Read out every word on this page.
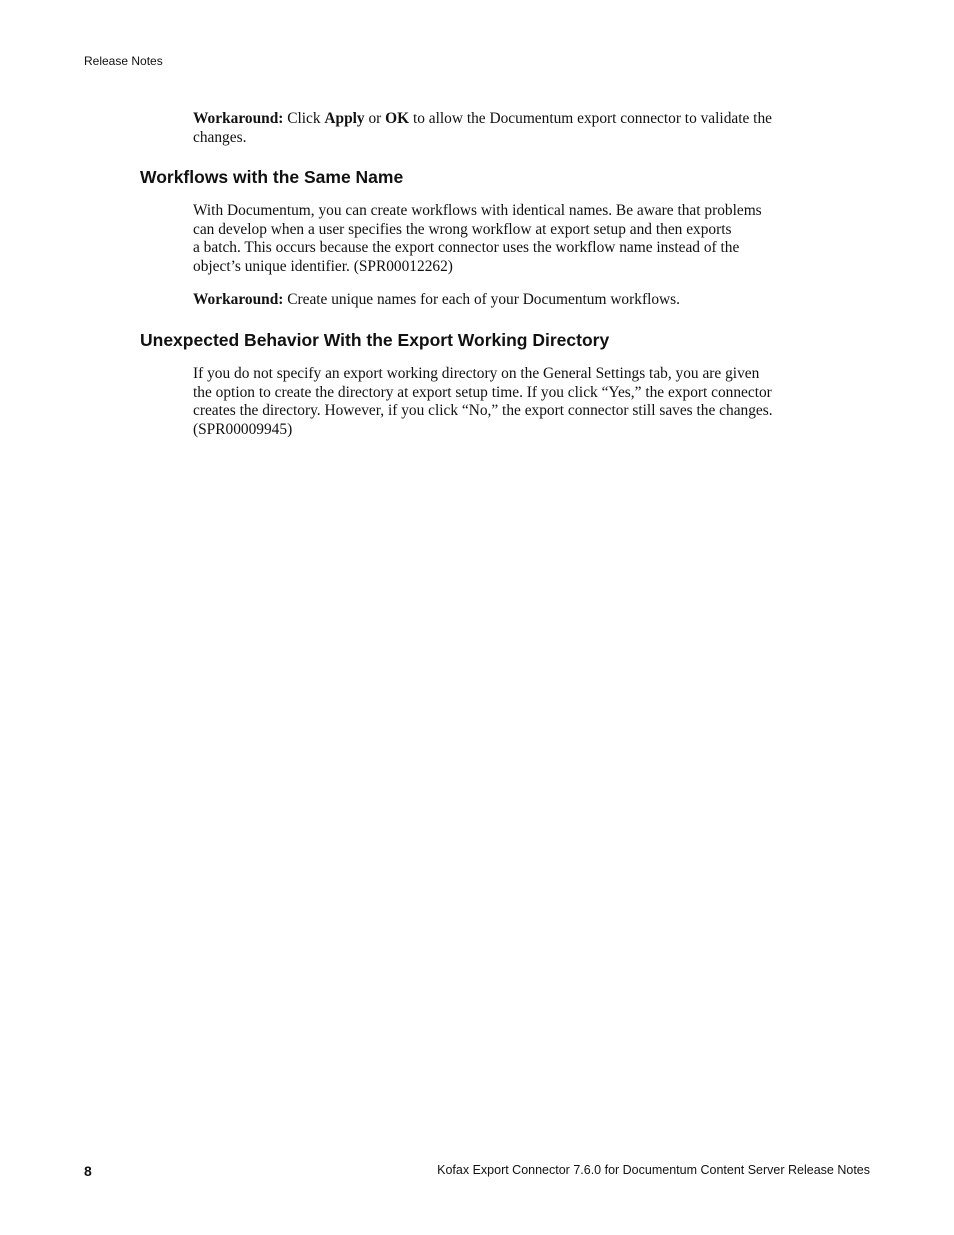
Release Notes
Workaround: Click Apply or OK to allow the Documentum export connector to validate the
changes.
Workflows with the Same Name
With Documentum, you can create workflows with identical names. Be aware that problems
can develop when a user specifies the wrong workflow at export setup and then exports
a batch. This occurs because the export connector uses the workflow name instead of the
object’s unique identifier. (SPR00012262)
Workaround: Create unique names for each of your Documentum workflows.
Unexpected Behavior With the Export Working Directory
If you do not specify an export working directory on the General Settings tab, you are given
the option to create the directory at export setup time. If you click “Yes,” the export connector
creates the directory. However, if you click “No,” the export connector still saves the changes.
(SPR00009945)
8	Kofax Export Connector 7.6.0 for Documentum Content Server Release Notes
